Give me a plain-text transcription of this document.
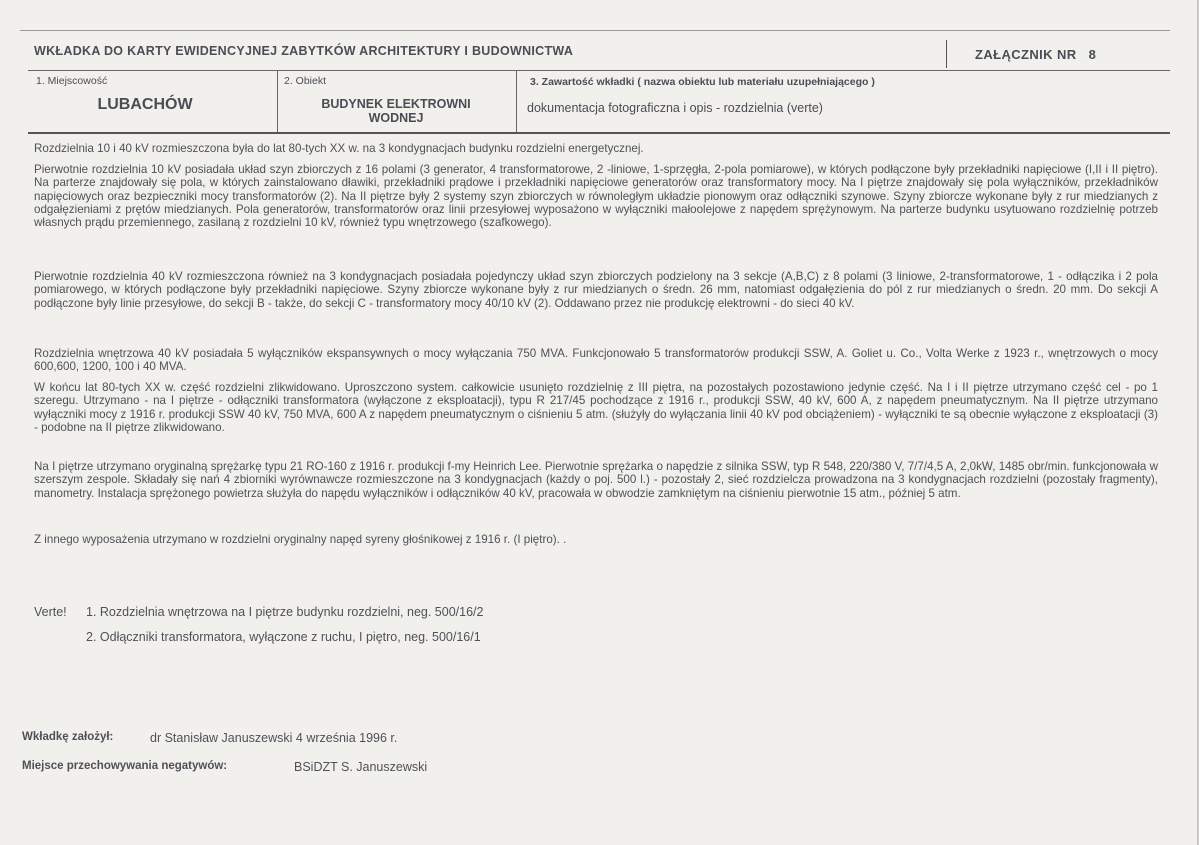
WKŁADKA DO KARTY EWIDENCYJNEJ ZABYTKÓW ARCHITEKTURY I BUDOWNICTWA	ZAŁĄCZNIK NR 8
1. Miejscowość
LUBACHÓW
2. Obiekt
BUDYNEK ELEKTROWNI
WODNEJ
3. Zawartość wkładki ( nazwa obiektu lub materiału uzupełniającego )
dokumentacja fotograficzna i opis - rozdzielnia (verte)

Rozdzielnia 10 i 40 kV rozmieszczona była do lat 80-tych XX w. na 3 kondygnacjach budynku rozdzielni energetycznej.

Pierwotnie rozdzielnia 10 kV posiadała układ szyn zbiorczych z 16 polami (3 generator, 4 transformatorowe, 2 -liniowe, 1-sprzęgła, 2-pola pomiarowe), w których podłączone były przekładniki napięciowe (I,II i II piętro). Na parterze znajdowały się pola, w których zainstalowano dławiki, przekładniki prądowe i przekładniki napięciowe generatorów oraz transformatory mocy. Na I piętrze znajdowały się pola wyłączników, przekładników napięciowych oraz bezpieczniki mocy transformatorów (2). Na II piętrze były 2 systemy szyn zbiorczych w równoległym układzie pionowym oraz odłączniki szynowe. Szyny zbiorcze wykonane były z rur miedzianych z odgałęzieniami z prętów miedzianych. Pola generatorów, transformatorów oraz linii przesyłowej wyposażono w wyłączniki małoolejowe z napędem sprężynowym. Na parterze budynku usytuowano rozdzielnię potrzeb własnych prądu przemiennego, zasilaną z rozdzielni 10 kV, również typu wnętrzowego (szafkowego).

Pierwotnie rozdzielnia 40 kV rozmieszczona również na 3 kondygnacjach posiadała pojedynczy układ szyn zbiorczych podzielony na 3 sekcje (A,B,C) z 8 polami (3 liniowe, 2-transformatorowe, 1 - odłączika i 2 pola pomiarowego, w których podłączone były przekładniki napięciowe. Szyny zbiorcze wykonane były z rur miedzianych o średn. 26 mm, natomiast odgałęzienia do pól z rur miedzianych o średn. 20 mm. Do sekcji A podłączone były linie przesyłowe, do sekcji B - także, do sekcji C - transformatory mocy 40/10 kV (2). Oddawano przez nie produkcję elektrowni - do sieci 40 kV.

Rozdzielnia wnętrzowa 40 kV posiadała 5 wyłączników ekspansywnych o mocy wyłączania 750 MVA. Funkcjonowało 5 transformatorów produkcji SSW, A. Goliet u. Co., Volta Werke z 1923 r., wnętrzowych o mocy 600,600, 1200, 100 i 40 MVA.

W końcu lat 80-tych XX w. część rozdzielni zlikwidowano. Uproszczono system. całkowicie usunięto rozdzielnię z III piętra, na pozostałych pozostawiono jedynie część. Na I i II piętrze utrzymano część cel - po 1 szeregu. Utrzymano - na I piętrze - odłączniki transformatora (wyłączone z eksploatacji), typu R 217/45 pochodzące z 1916 r., produkcji SSW, 40 kV, 600 A, z napędem pneumatycznym. Na II piętrze utrzymano wyłączniki mocy z 1916 r. produkcji SSW 40 kV, 750 MVA, 600 A z napędem pneumatycznym o ciśnieniu 5 atm. (służyły do wyłączania linii 40 kV pod obciążeniem) - wyłączniki te są obecnie wyłączone z eksploatacji (3) - podobne na II piętrze zlikwidowano.

Na I piętrze utrzymano oryginalną sprężarkę typu 21 RO-160 z 1916 r. produkcji f-my Heinrich Lee. Pierwotnie sprężarka o napędzie z silnika SSW, typ R 548, 220/380 V, 7/7/4,5 A, 2,0kW, 1485 obr/min. funkcjonowała w szerszym zespole. Składały się nań 4 zbiorniki wyrównawcze rozmieszczone na 3 kondygnacjach (każdy o poj. 500 l.) - pozostały 2, sieć rozdzielcza prowadzona na 3 kondygnacjach rozdzielni (pozostały fragmenty), manometry. Instalacja sprężonego powietrza służyła do napędu wyłączników i odłączników 40 kV, pracowała w obwodzie zamkniętym na ciśnieniu pierwotnie 15 atm., później 5 atm.

Z innego wyposażenia utrzymano w rozdzielni oryginalny napęd syreny głośnikowej z 1916 r. (I piętro). .

Verte! 1. Rozdzielnia wnętrzowa na I piętrze budynku rozdzielni, neg. 500/16/2
2. Odłączniki transformatora, wyłączone z ruchu, I piętro, neg. 500/16/1
Wkładkę założył:	dr Stanisław Januszewski 4 września 1996 r.
Miejsce przechowywania negatywów:	BSiDZT S. Januszewski
